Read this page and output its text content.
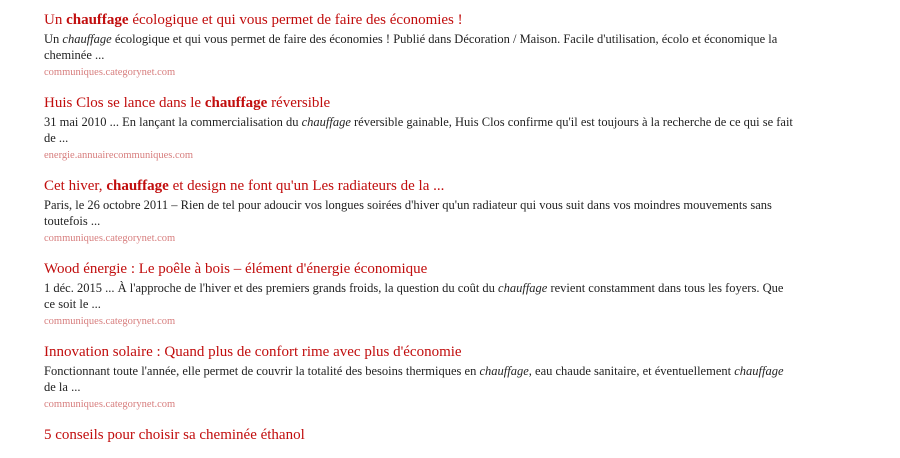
Un chauffage écologique et qui vous permet de faire des économies !
Un chauffage écologique et qui vous permet de faire des économies ! Publié dans Décoration / Maison. Facile d'utilisation, écolo et économique la cheminée ...
communiques.categorynet.com
Huis Clos se lance dans le chauffage réversible
31 mai 2010 ... En lançant la commercialisation du chauffage réversible gainable, Huis Clos confirme qu'il est toujours à la recherche de ce qui se fait de ...
energie.annuairecommuniques.com
Cet hiver, chauffage et design ne font qu'un Les radiateurs de la ...
Paris, le 26 octobre 2011 – Rien de tel pour adoucir vos longues soirées d'hiver qu'un radiateur qui vous suit dans vos moindres mouvements sans toutefois ...
communiques.categorynet.com
Wood énergie : Le poêle à bois – élément d'énergie économique
1 déc. 2015 ... À l'approche de l'hiver et des premiers grands froids, la question du coût du chauffage revient constamment dans tous les foyers. Que ce soit le ...
communiques.categorynet.com
Innovation solaire : Quand plus de confort rime avec plus d'économie
Fonctionnant toute l'année, elle permet de couvrir la totalité des besoins thermiques en chauffage, eau chaude sanitaire, et éventuellement chauffage de la ...
communiques.categorynet.com
5 conseils pour choisir sa cheminée éthanol
